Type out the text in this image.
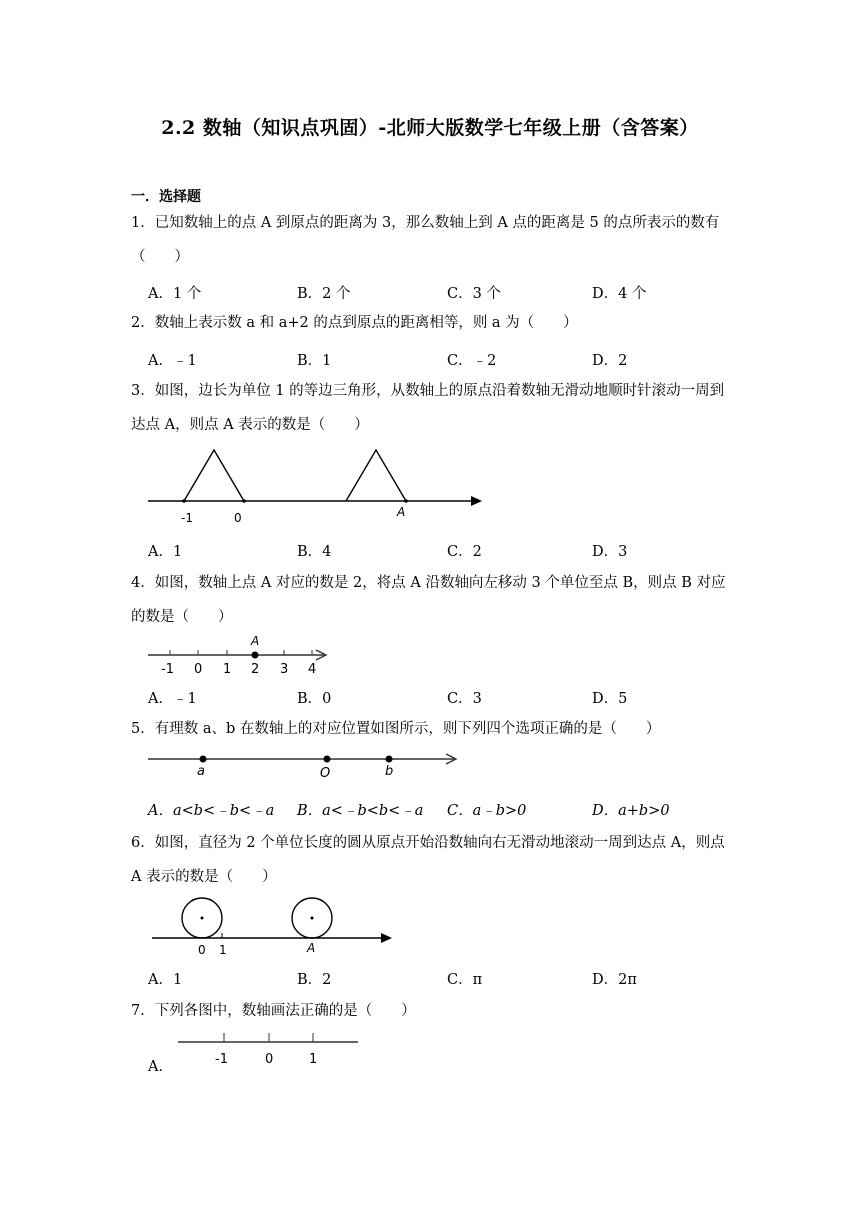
2.2 数轴（知识点巩固）-北师大版数学七年级上册（含答案）
一．选择题
1．已知数轴上的点 A 到原点的距离为 3，那么数轴上到 A 点的距离是 5 的点所表示的数有（　　）
A．1 个	B．2 个	C．3 个	D．4 个
2．数轴上表示数 a 和 a+2 的点到原点的距离相等，则 a 为（　　）
A．﹣1	B．1	C．﹣2	D．2
3．如图，边长为单位 1 的等边三角形，从数轴上的原点沿着数轴无滑动地顺时针滚动一周到达点 A，则点 A 表示的数是（　　）
-1	0	A
A．1	B．4	C．2	D．3
4．如图，数轴上点 A 对应的数是 2，将点 A 沿数轴向左移动 3 个单位至点 B，则点 B 对应的数是（　　）
A
-1 0 1 2 3 4
A．﹣1	B．0	C．3	D．5
5．有理数 a、b 在数轴上的对应位置如图所示，则下列四个选项正确的是（　　）
a	O	b
A．a<b<﹣b<﹣a B．a<﹣b<b<﹣a C．a﹣b>0	D．a+b>0
6．如图，直径为 2 个单位长度的圆从原点开始沿数轴向右无滑动地滚动一周到达点 A，则点 A 表示的数是（　　）
0 1	A
A．1	B．2	C．π	D．2π
7．下列各图中，数轴画法正确的是（　　）
-1	0	1
A．
